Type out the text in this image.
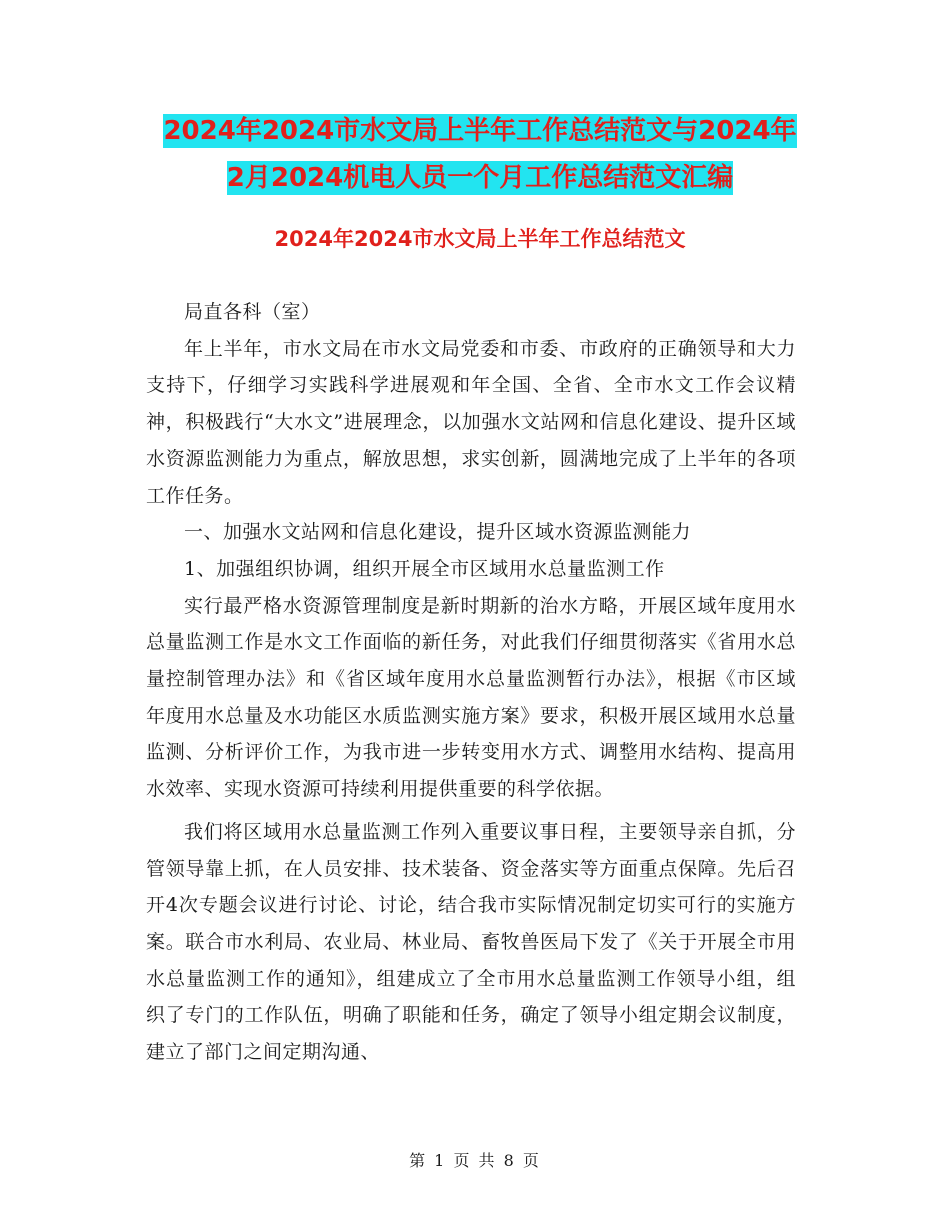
2024年2024市水文局上半年工作总结范文与2024年
2月2024机电人员一个月工作总结范文汇编
2024年2024市水文局上半年工作总结范文

局直各科（室）

年上半年，市水文局在市水文局党委和市委、市政府的正确领导和大力支持下，仔细学习实践科学进展观和年全国、全省、全市水文工作会议精神，积极践行“大水文”进展理念，以加强水文站网和信息化建设、提升区域水资源监测能力为重点，解放思想，求实创新，圆满地完成了上半年的各项工作任务。

一、加强水文站网和信息化建设，提升区域水资源监测能力

1、加强组织协调，组织开展全市区域用水总量监测工作

实行最严格水资源管理制度是新时期新的治水方略，开展区域年度用水总量监测工作是水文工作面临的新任务，对此我们仔细贯彻落实《省用水总量控制管理办法》和《省区域年度用水总量监测暂行办法》，根据《市区域年度用水总量及水功能区水质监测实施方案》要求，积极开展区域用水总量监测、分析评价工作，为我市进一步转变用水方式、调整用水结构、提高用水效率、实现水资源可持续利用提供重要的科学依据。

我们将区域用水总量监测工作列入重要议事日程，主要领导亲自抓，分管领导靠上抓，在人员安排、技术装备、资金落实等方面重点保障。先后召开4次专题会议进行讨论、讨论，结合我市实际情况制定切实可行的实施方案。联合市水利局、农业局、林业局、畜牧兽医局下发了《关于开展全市用水总量监测工作的通知》，组建成立了全市用水总量监测工作领导小组，组织了专门的工作队伍，明确了职能和任务，确定了领导小组定期会议制度，建立了部门之间定期沟通、

第 1 页 共 8 页
